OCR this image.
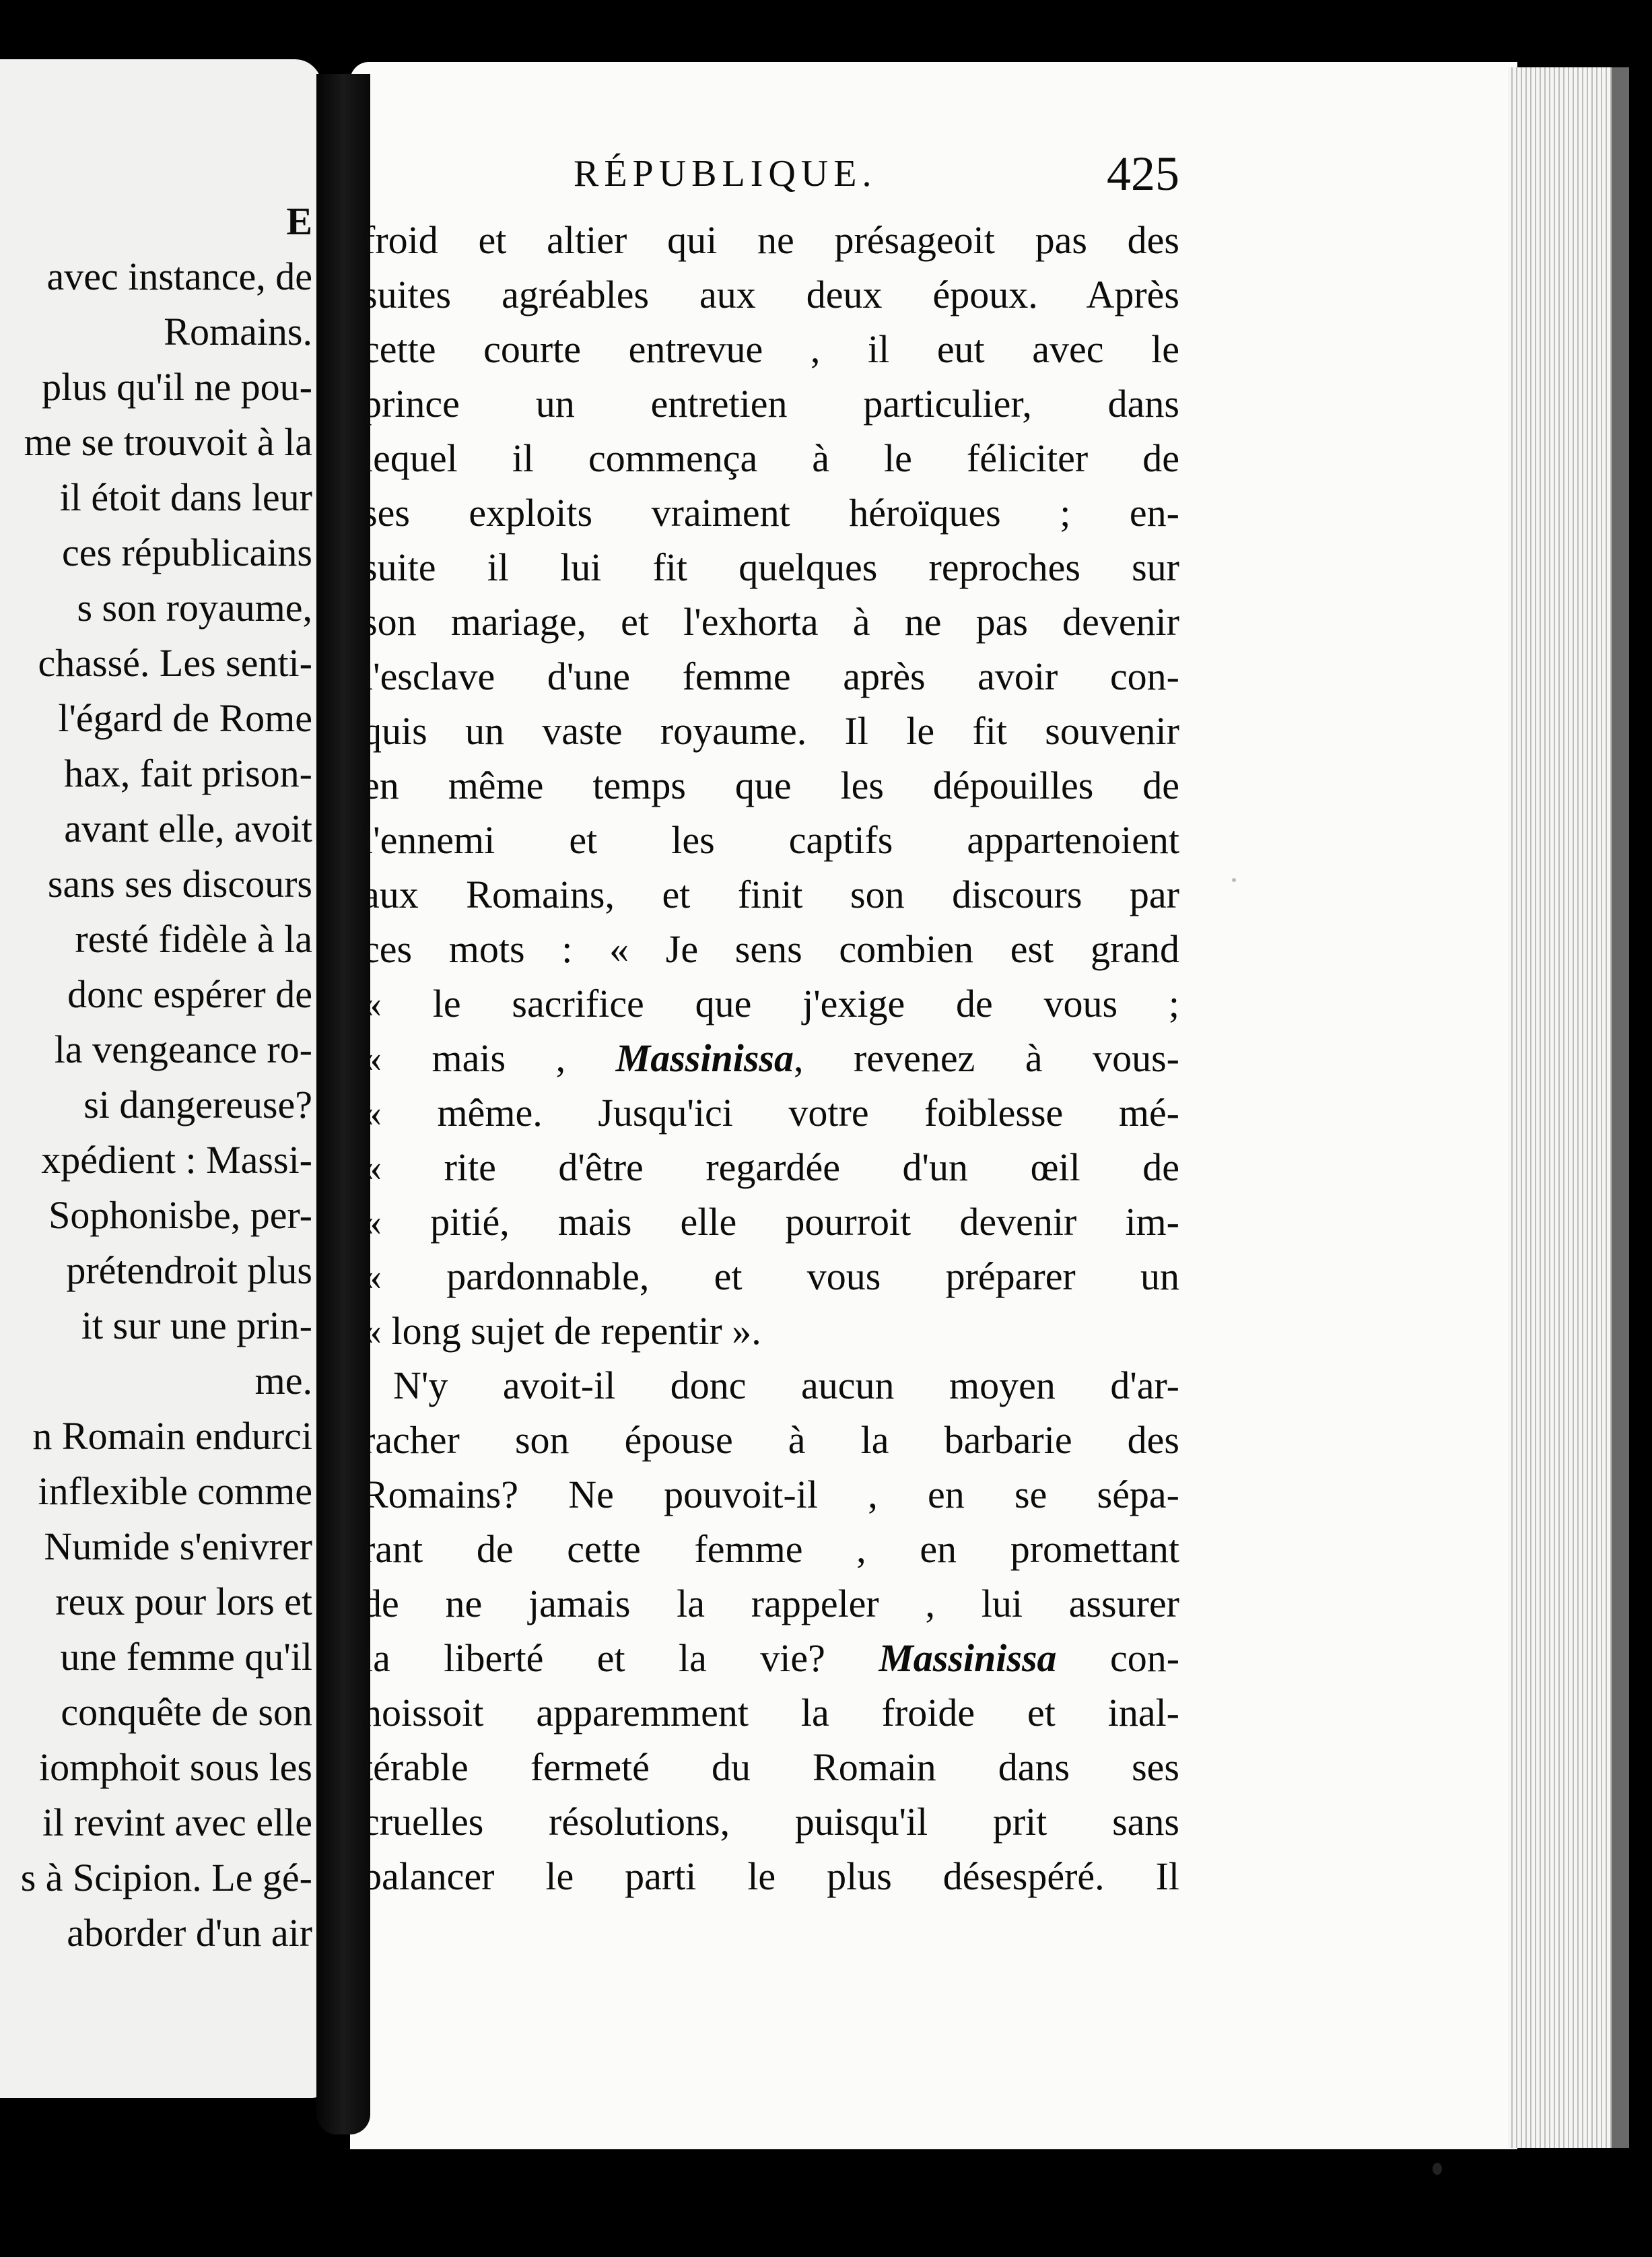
E
avec instance, de
Romains.
plus qu'il ne pou-
me se trouvoit à la
il étoit dans leur
ces républicains
s son royaume,
chassé. Les senti-
l'égard de Rome
hax, fait prison-
avant elle, avoit
sans ses discours
resté fidèle à la
donc espérer de
la vengeance ro-
si dangereuse?
xpédient : Massi-
Sophonisbe, per-
prétendroit plus
it sur une prin-
me.
n Romain endurci
inflexible comme
Numide s'enivrer
reux pour lors et
une femme qu'il
conquête de son
iomphoit sous les
il revint avec elle
s à Scipion. Le gé-
aborder d'un air
RÉPUBLIQUE.	425
froid et altier qui ne présageoit pas des
suites agréables aux deux époux. Après
cette courte entrevue , il eut avec le
prince un entretien particulier, dans
lequel il commença à le féliciter de
ses exploits vraiment héroïques ; en-
suite il lui fit quelques reproches sur
son mariage, et l'exhorta à ne pas devenir
l'esclave d'une femme après avoir con-
quis un vaste royaume. Il le fit souvenir
en même temps que les dépouilles de
l'ennemi et les captifs appartenoient
aux Romains, et finit son discours par
ces mots : « Je sens combien est grand
« le sacrifice que j'exige de vous ;
« mais , Massinissa, revenez à vous-
« même. Jusqu'ici votre foiblesse mé-
« rite d'être regardée d'un œil de
« pitié, mais elle pourroit devenir im-
« pardonnable, et vous préparer un
« long sujet de repentir ».
N'y avoit-il donc aucun moyen d'ar-
racher son épouse à la barbarie des
Romains? Ne pouvoit-il , en se sépa-
rant de cette femme , en promettant
de ne jamais la rappeler , lui assurer
la liberté et la vie? Massinissa con-
noissoit apparemment la froide et inal-
térable fermeté du Romain dans ses
cruelles résolutions, puisqu'il prit sans
balancer le parti le plus désespéré. Il
